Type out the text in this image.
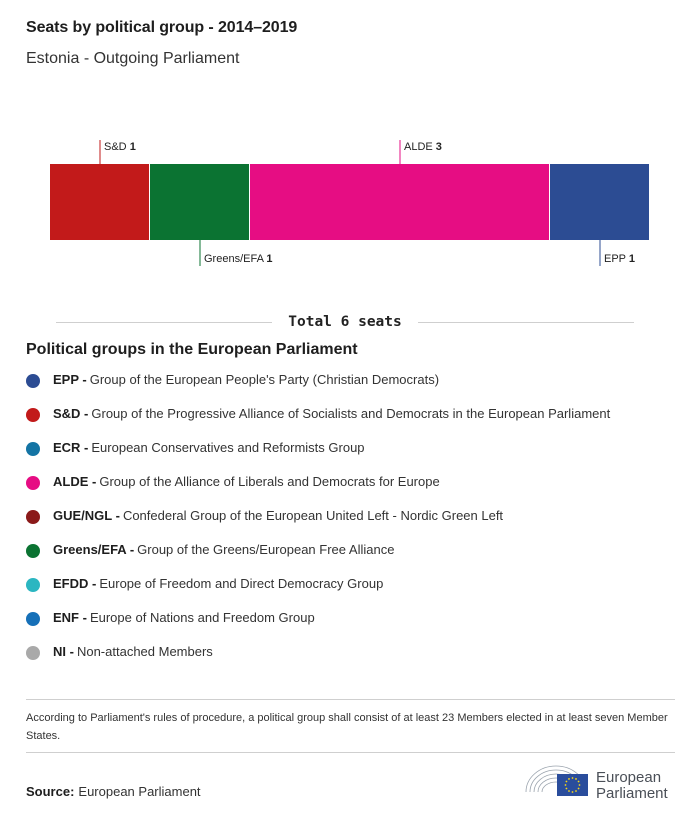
Seats by political group - 2014–2019
Estonia - Outgoing Parliament
S&D 1
Greens/EFA 1
ALDE 3
EPP 1
Total 6 seats
Political groups in the European Parliament
EPP - Group of the European People's Party (Christian Democrats)
S&D - Group of the Progressive Alliance of Socialists and Democrats in the European Parliament
ECR - European Conservatives and Reformists Group
ALDE - Group of the Alliance of Liberals and Democrats for Europe
GUE/NGL - Confederal Group of the European United Left - Nordic Green Left
Greens/EFA - Group of the Greens/European Free Alliance
EFDD - Europe of Freedom and Direct Democracy Group
ENF - Europe of Nations and Freedom Group
NI - Non-attached Members
According to Parliament's rules of procedure, a political group shall consist of at least 23 Members elected in at least seven Member States.
Source: European Parliament
European
Parliament
